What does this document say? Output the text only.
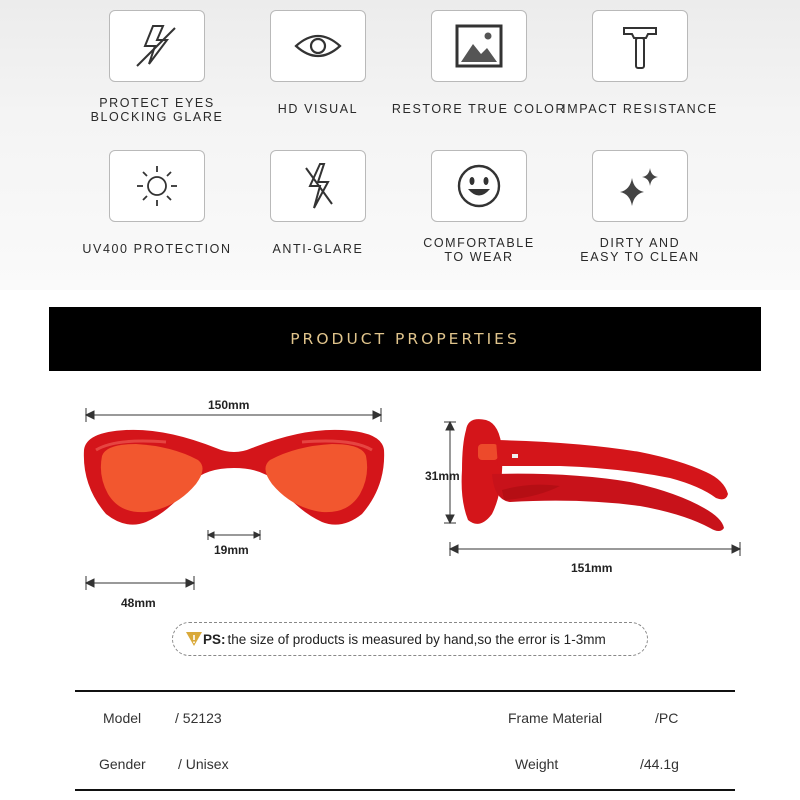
PROTECT EYES
BLOCKING GLARE
HD VISUAL	RESTORE TRUE COLOR
IMPACT RESISTANCE
UV400 PROTECTION	ANTI-GLARE	COMFORTABLE
TO WEAR
DIRTY AND
EASY TO CLEAN
PRODUCT PROPERTIES
150mm
19mm
48mm
31mm
151mm
PS: the size of products is measured by hand,so the error is 1-3mm
Model / 52123	Frame Material	/PC
Gender / Unisex	Weight	/44.1g
